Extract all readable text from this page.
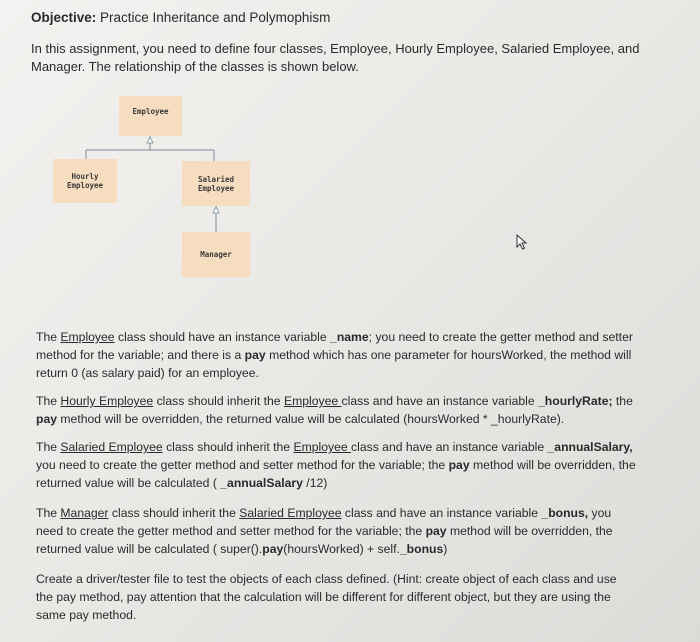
Objective: Practice Inheritance and Polymophism
In this assignment, you need to define four classes, Employee, Hourly Employee, Salaried Employee, and Manager. The relationship of the classes is shown below.
Employee
Hourly
Employee
Salaried
Employee
Manager
The Employee class should have an instance variable _name; you need to create the getter method and setter method for the variable; and there is a pay method which has one parameter for hoursWorked, the method will return 0 (as salary paid) for an employee.
The Hourly Employee class should inherit the Employee class and have an instance variable _hourlyRate; the pay method will be overridden, the returned value will be calculated (hoursWorked * _hourlyRate).
The Salaried Employee class should inherit the Employee class and have an instance variable _annualSalary, you need to create the getter method and setter method for the variable; the pay method will be overridden, the returned value will be calculated ( _annualSalary /12)
The Manager class should inherit the Salaried Employee class and have an instance variable _bonus, you need to create the getter method and setter method for the variable; the pay method will be overridden, the returned value will be calculated ( super().pay(hoursWorked) + self._bonus)
Create a driver/tester file to test the objects of each class defined. (Hint: create object of each class and use the pay method, pay attention that the calculation will be different for different object, but they are using the same pay method.
